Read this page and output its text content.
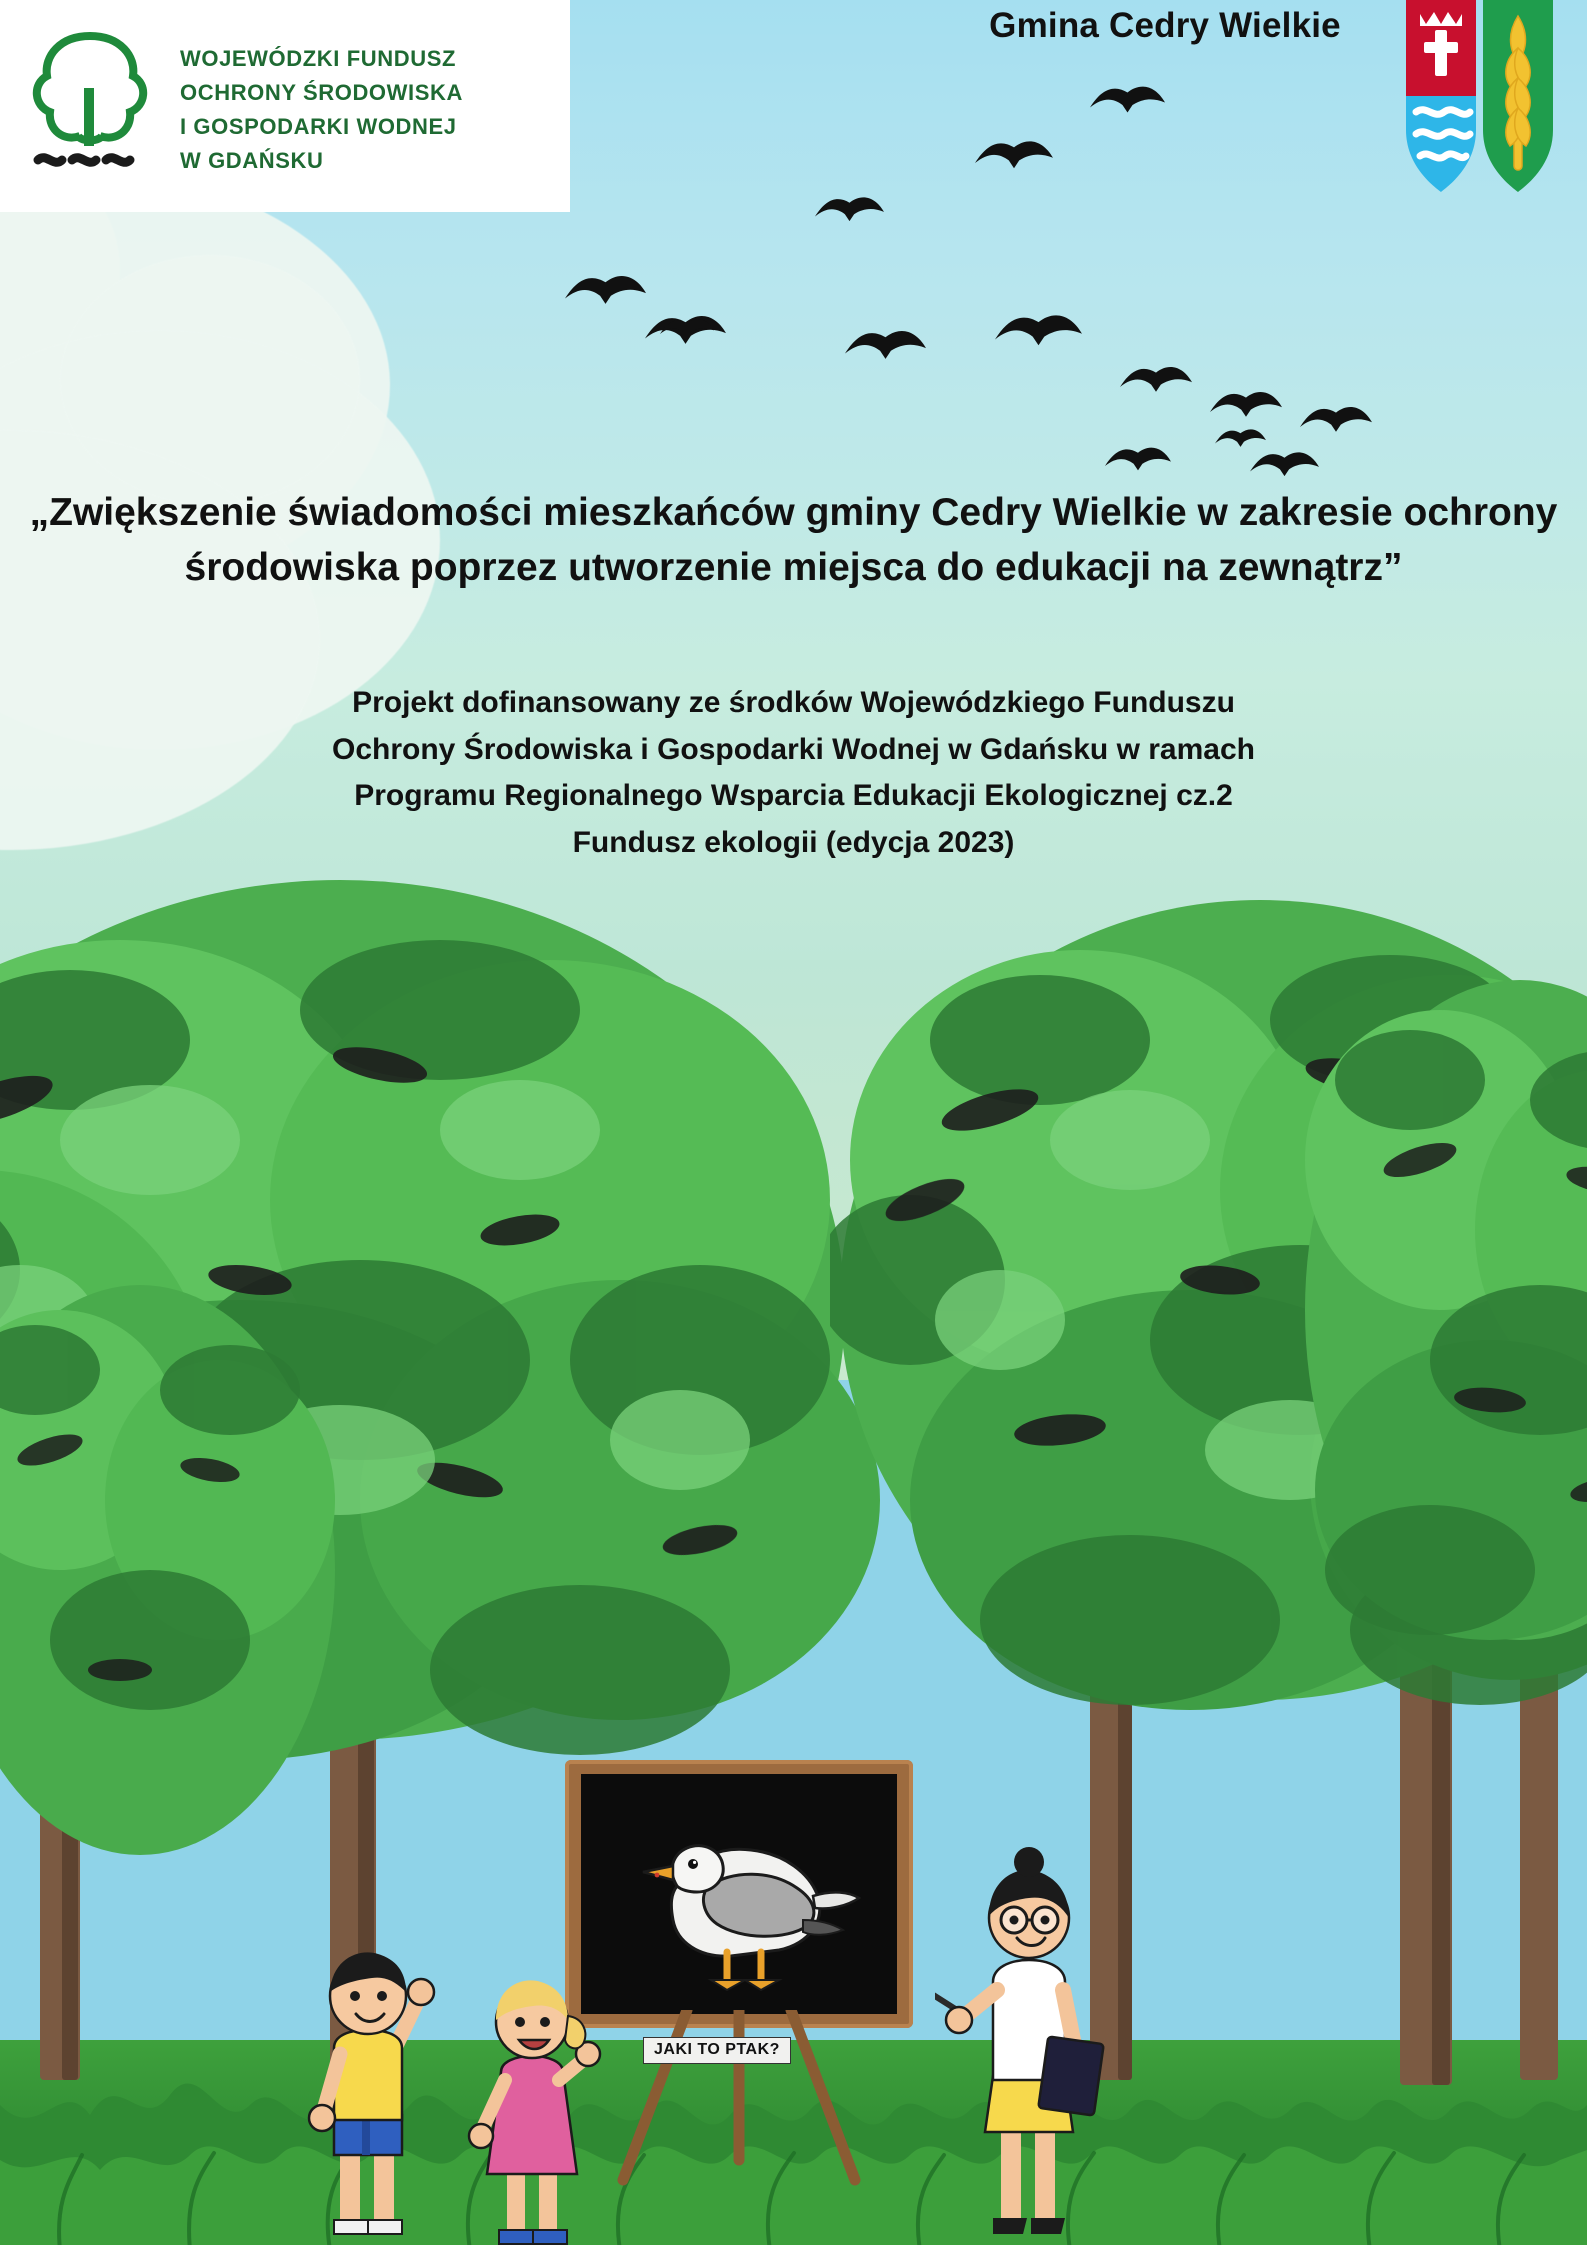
WOJEWÓDZKI FUNDUSZ
OCHRONY ŚRODOWISKA
I GOSPODARKI WODNEJ
W GDAŃSKU
Gmina Cedry Wielkie
„Zwiększenie świadomości mieszkańców gminy Cedry Wielkie w zakresie ochrony środowiska poprzez utworzenie miejsca do edukacji na zewnątrz”
Projekt dofinansowany ze środków Wojewódzkiego Funduszu
Ochrony Środowiska i Gospodarki Wodnej w Gdańsku w ramach
Programu Regionalnego Wsparcia Edukacji Ekologicznej cz.2
Fundusz ekologii (edycja 2023)
JAKI TO PTAK?
